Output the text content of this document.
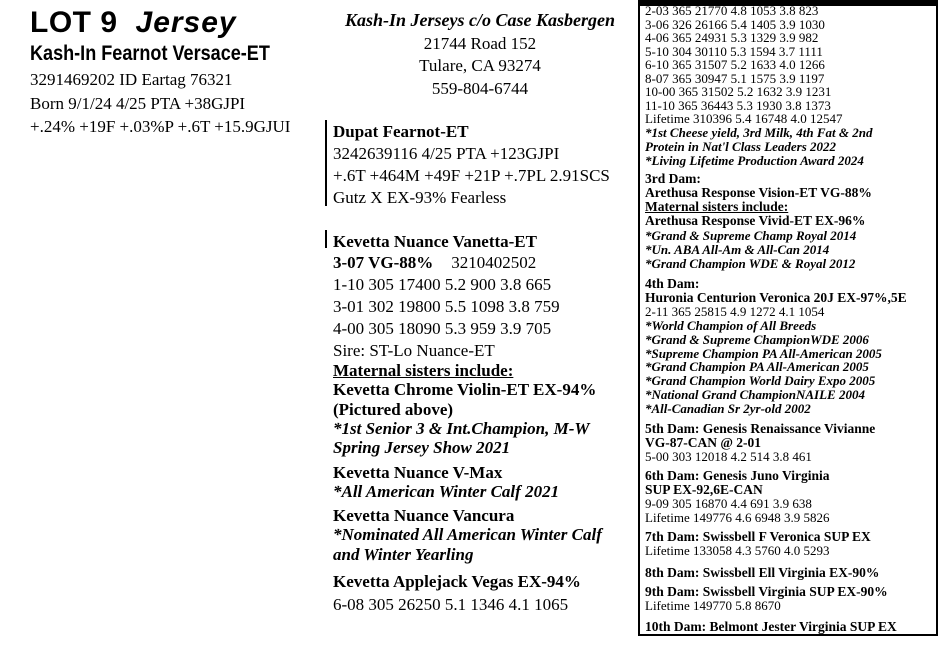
LOT 9 Jersey
Kash-In Fearnot Versace-ET
3291469202 ID Eartag 76321
Born 9/1/24 4/25 PTA +38GJPI
+.24% +19F +.03%P +.6T +15.9GJUI
Kash-In Jerseys c/o Case Kasbergen
21744 Road 152
Tulare, CA 93274
559-804-6744
Dupat Fearnot-ET
3242639116 4/25 PTA +123GJPI
+.6T +464M +49F +21P +.7PL 2.91SCS
Gutz X EX-93% Fearless
Kevetta Nuance Vanetta-ET
3-07 VG-88% 3210402502
1-10 305 17400 5.2 900 3.8 665
3-01 302 19800 5.5 1098 3.8 759
4-00 305 18090 5.3 959 3.9 705
Sire: ST-Lo Nuance-ET
Maternal sisters include:
Kevetta Chrome Violin-ET EX-94%
(Pictured above)
*1st Senior 3 & Int.Champion, M-W
Spring Jersey Show 2021
Kevetta Nuance V-Max
*All American Winter Calf 2021
Kevetta Nuance Vancura
*Nominated All American Winter Calf
and Winter Yearling
Kevetta Applejack Vegas EX-94%
6-08 305 26250 5.1 1346 4.1 1065
2-03 365 21770 4.8 1053 3.8 823
3-06 326 26166 5.4 1405 3.9 1030
4-06 365 24931 5.3 1329 3.9 982
5-10 304 30110 5.3 1594 3.7 1111
6-10 365 31507 5.2 1633 4.0 1266
8-07 365 30947 5.1 1575 3.9 1197
10-00 365 31502 5.2 1632 3.9 1231
11-10 365 36443 5.3 1930 3.8 1373
Lifetime 310396 5.4 16748 4.0 12547
*1st Cheese yield, 3rd Milk, 4th Fat & 2nd
Protein in Nat'l Class Leaders 2022
*Living Lifetime Production Award 2024
3rd Dam:
Arethusa Response Vision-ET VG-88%
Maternal sisters include:
Arethusa Response Vivid-ET EX-96%
*Grand & Supreme Champ Royal 2014
*Un. ABA All-Am & All-Can 2014
*Grand Champion WDE & Royal 2012
4th Dam:
Huronia Centurion Veronica 20J EX-97%,5E
2-11 365 25815 4.9 1272 4.1 1054
*World Champion of All Breeds
*Grand & Supreme ChampionWDE 2006
*Supreme Champion PA All-American 2005
*Grand Champion PA All-American 2005
*Grand Champion World Dairy Expo 2005
*National Grand ChampionNAILE 2004
*All-Canadian Sr 2yr-old 2002
5th Dam: Genesis Renaissance Vivianne
VG-87-CAN @ 2-01
5-00 303 12018 4.2 514 3.8 461
6th Dam: Genesis Juno Virginia
SUP EX-92,6E-CAN
9-09 305 16870 4.4 691 3.9 638
Lifetime 149776 4.6 6948 3.9 5826
7th Dam: Swissbell F Veronica SUP EX
Lifetime 133058 4.3 5760 4.0 5293
8th Dam: Swissbell Ell Virginia EX-90%
9th Dam: Swissbell Virginia SUP EX-90%
Lifetime 149770 5.8 8670
10th Dam: Belmont Jester Virginia SUP EX
